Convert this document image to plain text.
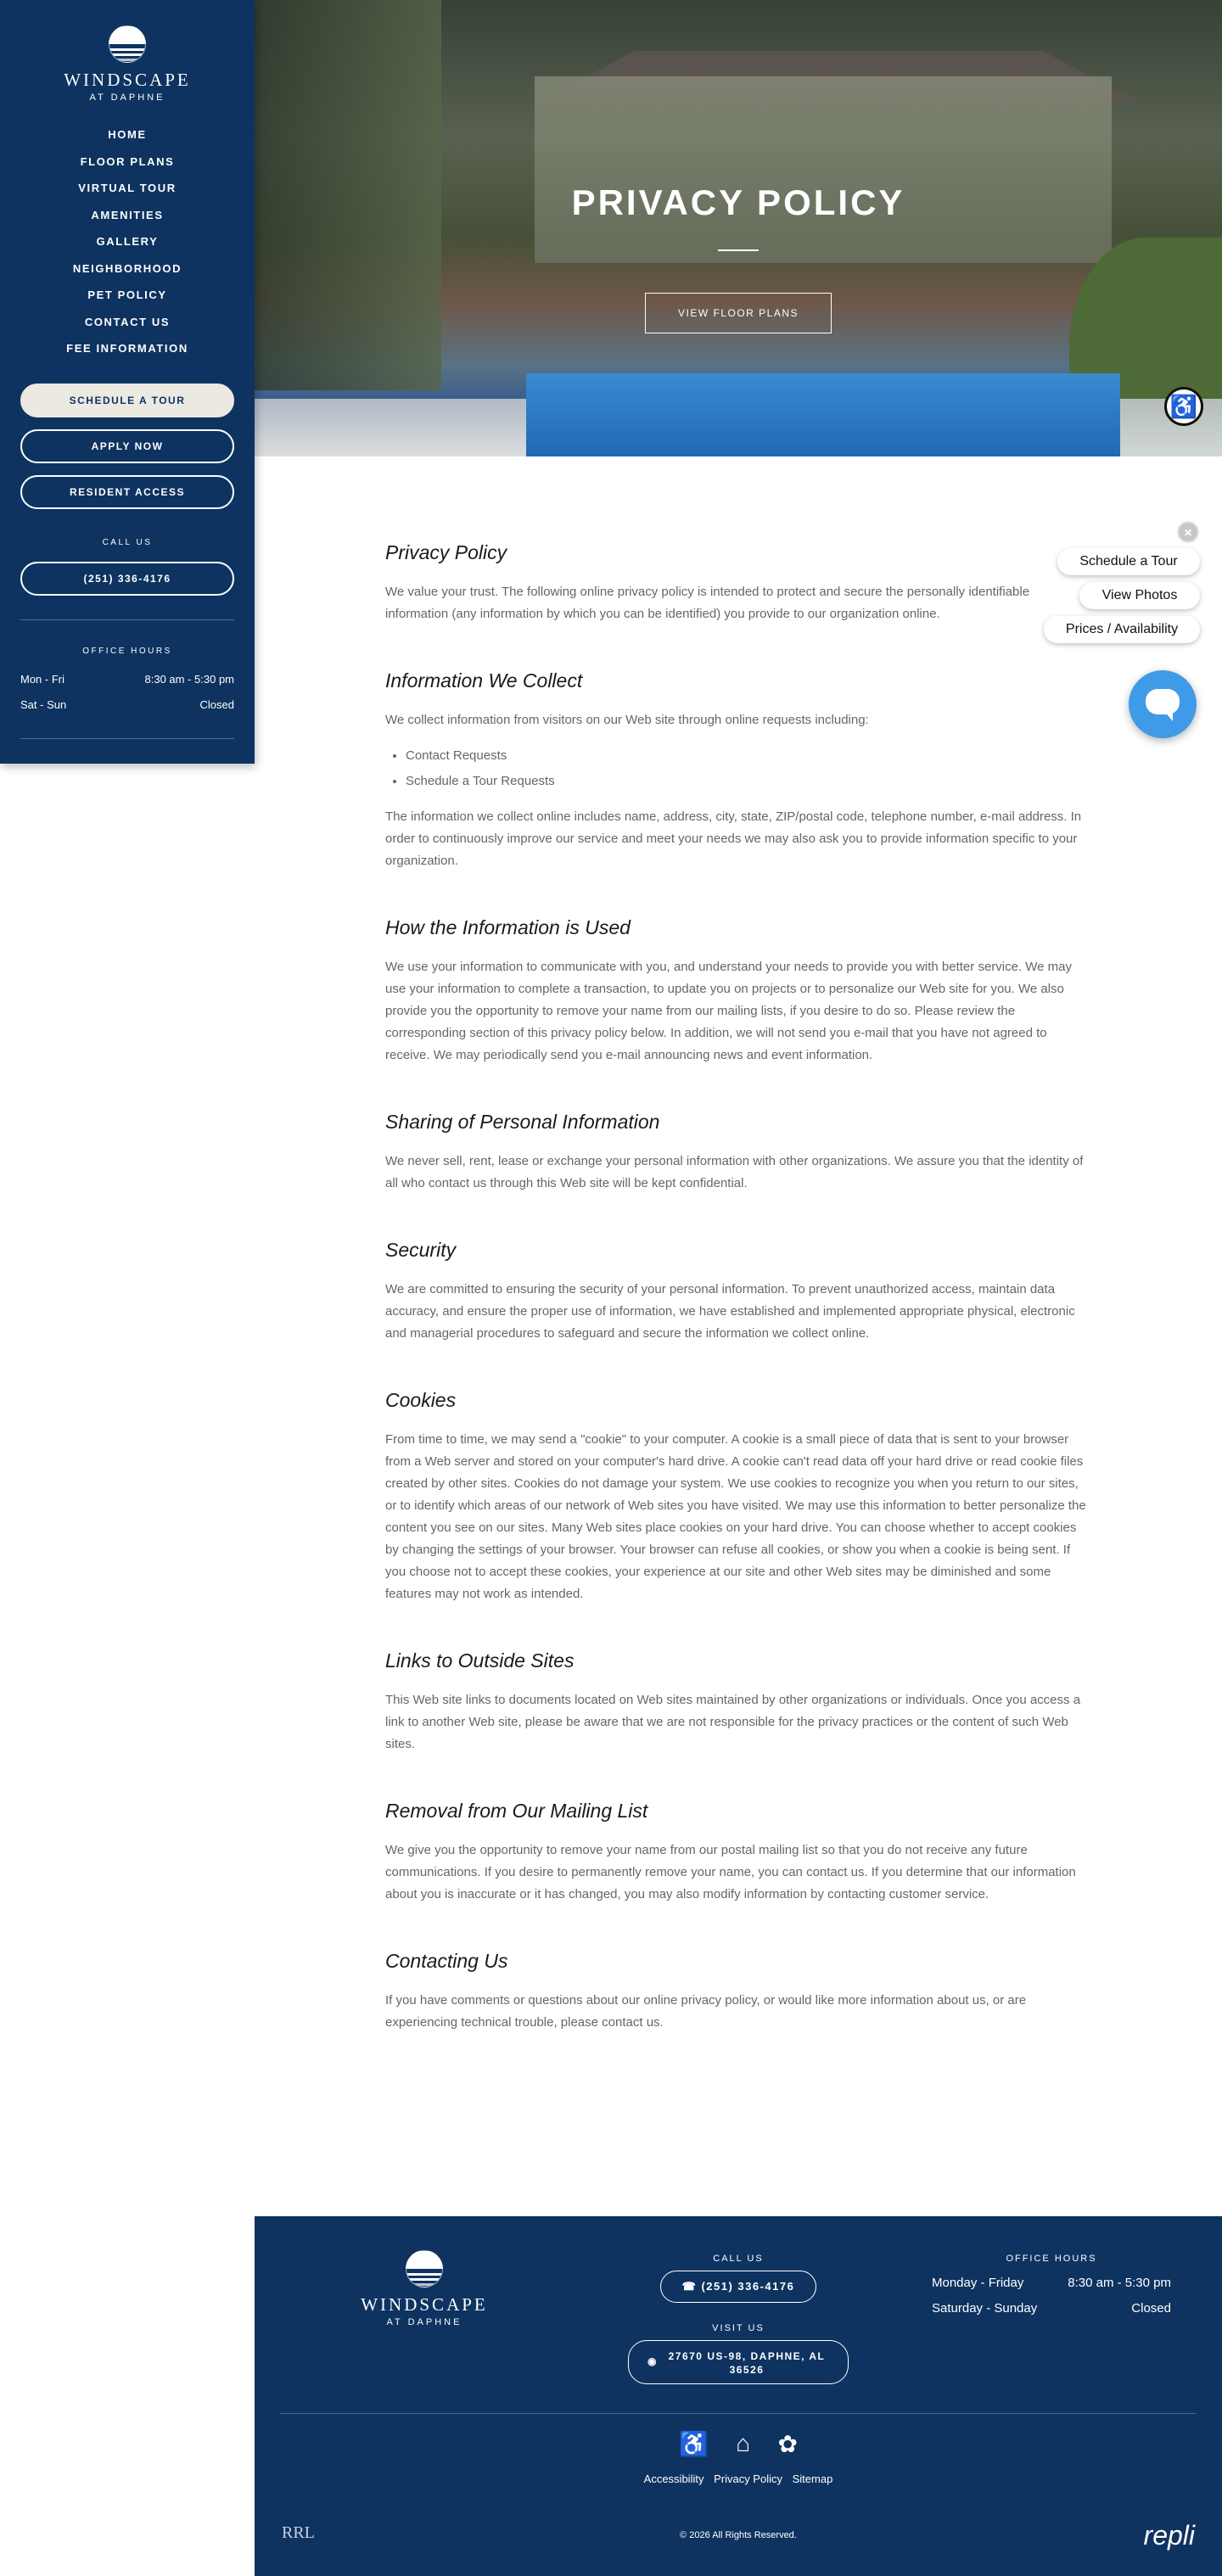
WINDSCAPE
AT DAPHNE
HOME
FLOOR PLANS
VIRTUAL TOUR
AMENITIES
GALLERY
NEIGHBORHOOD
PET POLICY
CONTACT US
FEE INFORMATION
SCHEDULE A TOUR
APPLY NOW
RESIDENT ACCESS
CALL US
(251) 336-4176
OFFICE HOURS
Mon - Fri	8:30 am - 5:30 pm
Sat - Sun	Closed
PRIVACY POLICY
VIEW FLOOR PLANS
♿
×
Schedule a Tour
View Photos
Prices / Availability
Privacy Policy

We value your trust. The following online privacy policy is intended to protect and secure the personally identifiable information (any information by which you can be identified) you provide to our organization online.

Information We Collect

We collect information from visitors on our Web site through online requests including:

• Contact Requests
• Schedule a Tour Requests

The information we collect online includes name, address, city, state, ZIP/postal code, telephone number, e-mail address. In order to continuously improve our service and meet your needs we may also ask you to provide information specific to your organization.

How the Information is Used

We use your information to communicate with you, and understand your needs to provide you with better service. We may use your information to complete a transaction, to update you on projects or to personalize our Web site for you. We also provide you the opportunity to remove your name from our mailing lists, if you desire to do so. Please review the corresponding section of this privacy policy below. In addition, we will not send you e-mail that you have not agreed to receive. We may periodically send you e-mail announcing news and event information.

Sharing of Personal Information

We never sell, rent, lease or exchange your personal information with other organizations. We assure you that the identity of all who contact us through this Web site will be kept confidential.

Security

We are committed to ensuring the security of your personal information. To prevent unauthorized access, maintain data accuracy, and ensure the proper use of information, we have established and implemented appropriate physical, electronic and managerial procedures to safeguard and secure the information we collect online.

Cookies

From time to time, we may send a "cookie" to your computer. A cookie is a small piece of data that is sent to your browser from a Web server and stored on your computer's hard drive. A cookie can't read data off your hard drive or read cookie files created by other sites. Cookies do not damage your system. We use cookies to recognize you when you return to our sites, or to identify which areas of our network of Web sites you have visited. We may use this information to better personalize the content you see on our sites. Many Web sites place cookies on your hard drive. You can choose whether to accept cookies by changing the settings of your browser. Your browser can refuse all cookies, or show you when a cookie is being sent. If you choose not to accept these cookies, your experience at our site and other Web sites may be diminished and some features may not work as intended.

Links to Outside Sites

This Web site links to documents located on Web sites maintained by other organizations or individuals. Once you access a link to another Web site, please be aware that we are not responsible for the privacy practices or the content of such Web sites.

Removal from Our Mailing List

We give you the opportunity to remove your name from our postal mailing list so that you do not receive any future communications. If you desire to permanently remove your name, you can contact us. If you determine that our information about you is inaccurate or it has changed, you may also modify information by contacting customer service.

Contacting Us

If you have comments or questions about our online privacy policy, or would like more information about us, or are experiencing technical trouble, please contact us.

WINDSCAPE
AT DAPHNE
CALL US
☎ (251) 336-4176
VISIT US
◉ 27670 US-98, DAPHNE, AL 36526
OFFICE HOURS
Monday - Friday	8:30 am - 5:30 pm
Saturday - Sunday	Closed
♿ ⌂ ✿
Accessibility Privacy Policy Sitemap
RRL	© 2026 All Rights Reserved.	repli
